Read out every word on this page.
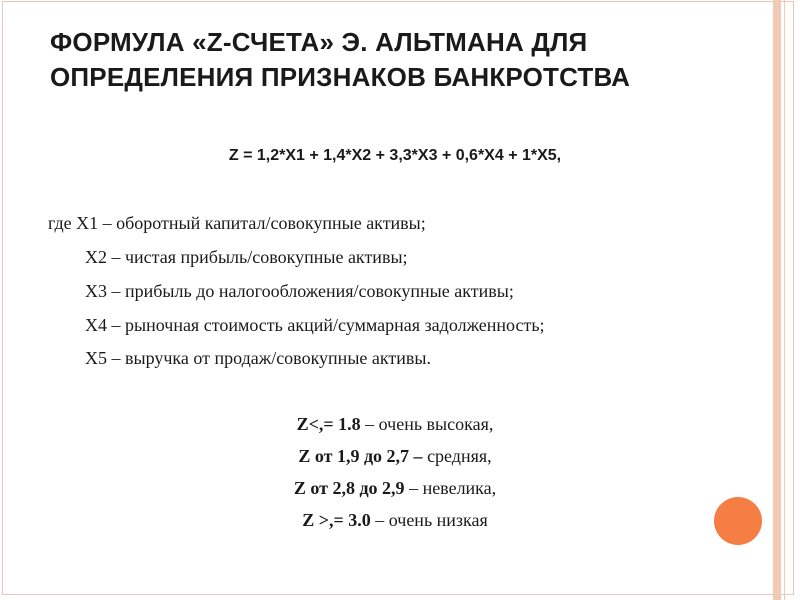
ФОРМУЛА «Z-СЧЕТА» Э. АЛЬТМАНА ДЛЯ
ОПРЕДЕЛЕНИЯ ПРИЗНАКОВ БАНКРОТСТВА
Z = 1,2*Х1 + 1,4*Х2 + 3,3*Х3 + 0,6*Х4 + 1*Х5,
где Х1 – оборотный капитал/совокупные активы;
Х2 – чистая прибыль/совокупные активы;
Х3 – прибыль до налогообложения/совокупные активы;
Х4 – рыночная стоимость акций/суммарная задолженность;
Х5 – выручка от продаж/совокупные активы.
Z<,= 1.8 – очень высокая,
Z от 1,9 до 2,7 – средняя,
Z от 2,8 до 2,9 – невелика,
Z >,= 3.0 – очень низкая
